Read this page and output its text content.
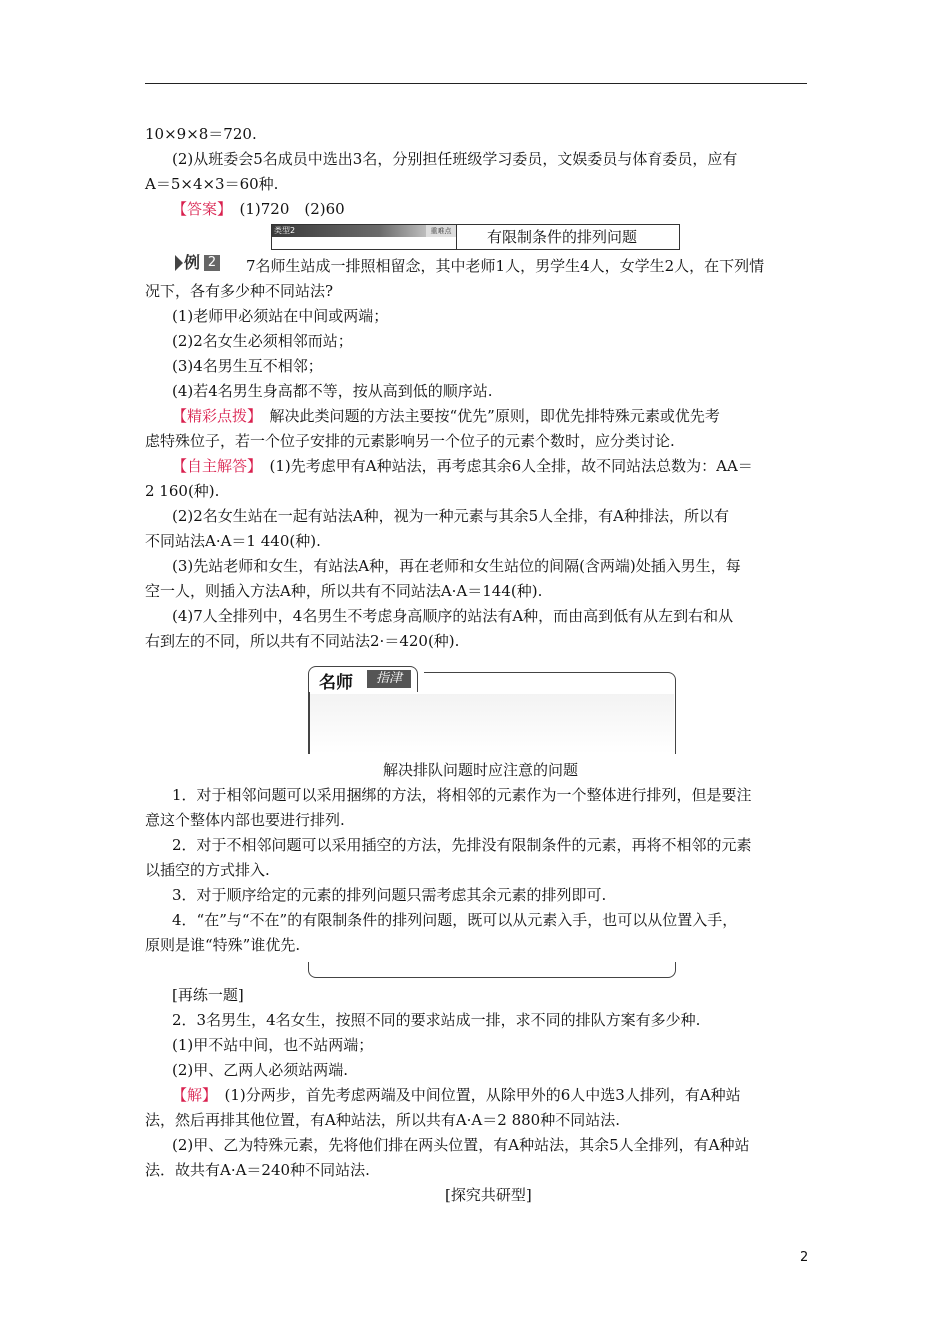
10×9×8＝720.
(2)从班委会5名成员中选出3名，分别担任班级学习委员，文娱委员与体育委员，应有
A＝5×4×3＝60种.
【答案】　(1)720　(2)60
　7名师生站成一排照相留念，其中老师1人，男学生4人，女学生2人，在下列情
况下，各有多少种不同站法?
(1)老师甲必须站在中间或两端；
(2)2名女生必须相邻而站；
(3)4名男生互不相邻；
(4)若4名男生身高都不等，按从高到低的顺序站.
【精彩点拨】　解决此类问题的方法主要按“优先”原则，即优先排特殊元素或优先考
虑特殊位子，若一个位子安排的元素影响另一个位子的元素个数时，应分类讨论.
【自主解答】　(1)先考虑甲有A种站法，再考虑其余6人全排，故不同站法总数为：AA＝
2 160(种).
(2)2名女生站在一起有站法A种，视为一种元素与其余5人全排，有A种排法，所以有
不同站法A·A＝1 440(种).
(3)先站老师和女生，有站法A种，再在老师和女生站位的间隔(含两端)处插入男生，每
空一人，则插入方法A种，所以共有不同站法A·A＝144(种).
(4)7人全排列中，4名男生不考虑身高顺序的站法有A种，而由高到低有从左到右和从
右到左的不同，所以共有不同站法2·＝420(种).
解决排队问题时应注意的问题
1．对于相邻问题可以采用捆绑的方法，将相邻的元素作为一个整体进行排列，但是要注
意这个整体内部也要进行排列.
2．对于不相邻问题可以采用插空的方法，先排没有限制条件的元素，再将不相邻的元素
以插空的方式排入.
3．对于顺序给定的元素的排列问题只需考虑其余元素的排列即可.
4．“在”与“不在”的有限制条件的排列问题，既可以从元素入手，也可以从位置入手，
原则是谁“特殊”谁优先.
[再练一题]
2．3名男生，4名女生，按照不同的要求站成一排，求不同的排队方案有多少种.
(1)甲不站中间，也不站两端；
(2)甲、乙两人必须站两端.
【解】　(1)分两步，首先考虑两端及中间位置，从除甲外的6人中选3人排列，有A种站
法，然后再排其他位置，有A种站法，所以共有A·A＝2 880种不同站法.
(2)甲、乙为特殊元素，先将他们排在两头位置，有A种站法，其余5人全排列，有A种站
法．故共有A·A＝240种不同站法.
[探究共研型]
类型2	重难点	有限制条件的排列问题
例 2
名师	指津
2
